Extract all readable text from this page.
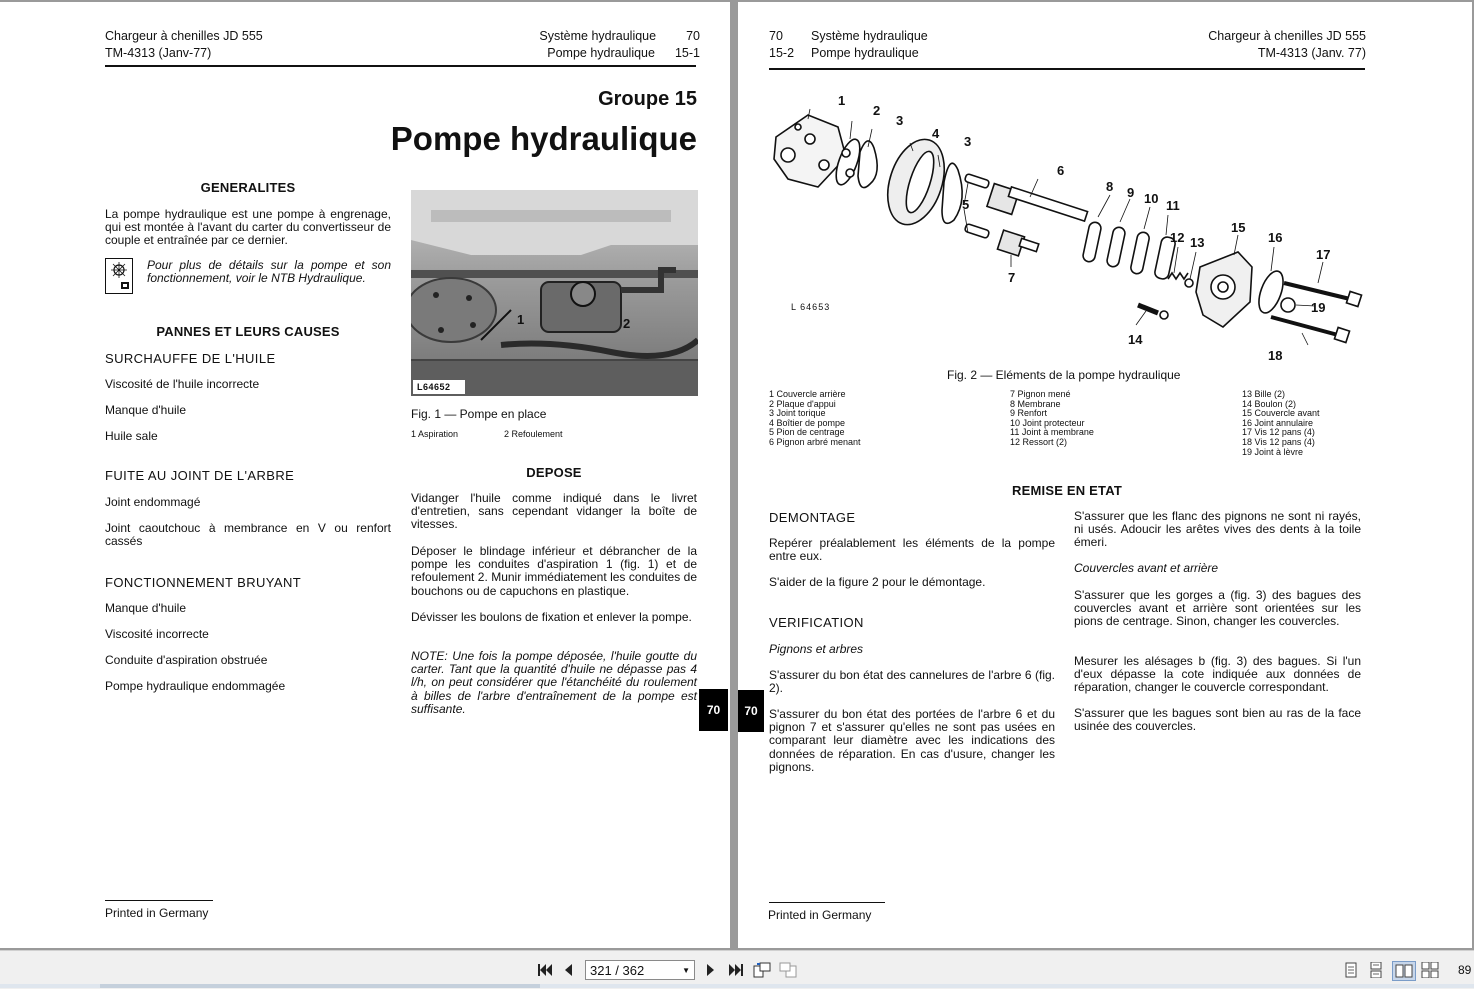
Chargeur à chenilles JD 555
TM-4313 (Janv-77)
Système hydraulique 70
Pompe hydraulique 15-1
Groupe 15
Pompe hydraulique
GENERALITES
La pompe hydraulique est une pompe à engrenage, qui est montée à l'avant du carter du convertisseur de couple et entraînée par ce dernier.
Pour plus de détails sur la pompe et son fonctionnement, voir le NTB Hydraulique.
PANNES ET LEURS CAUSES
SURCHAUFFE DE L'HUILE
Viscosité de l'huile incorrecte
Manque d'huile
Huile sale
FUITE AU JOINT DE L'ARBRE
Joint endommagé
Joint caoutchouc à membrance en V ou renfort cassés
FONCTIONNEMENT BRUYANT
Manque d'huile
Viscosité incorrecte
Conduite d'aspiration obstruée
Pompe hydraulique endommagée
1	2
L64652
Fig. 1 — Pompe en place
1 Aspiration	2 Refoulement
DEPOSE
Vidanger l'huile comme indiqué dans le livret d'entretien, sans cependant vidanger la boîte de vitesses.
Déposer le blindage inférieur et débrancher de la pompe les conduites d'aspiration 1 (fig. 1) et de refoulement 2. Munir immédiatement les conduites de bouchons ou de capuchons en plastique.
Dévisser les boulons de fixation et enlever la pompe.
NOTE: Une fois la pompe déposée, l'huile goutte du carter. Tant que la quantité d'huile ne dépasse pas 4 l/h, on peut considérer que l'étanchéité du roulement à billes de l'arbre d'entraînement de la pompe est suffisante.	70
Printed in Germany
70 Système hydraulique
15-2 Pompe hydraulique
Chargeur à chenilles JD 555
TM-4313 (Janv. 77)
1
2
3
4
3
5
6
7
8 9 10 11
12 13
14
15
16
17
18
19
L 64653
Fig. 2 — Eléments de la pompe hydraulique
1 Couvercle arrière
2 Plaque d'appui
3 Joint torique
4 Boîtier de pompe
5 Pion de centrage
6 Pignon arbré menant
7 Pignon mené
8 Membrane
9 Renfort
10 Joint protecteur
11 Joint à membrane
12 Ressort (2)
13 Bille (2)
14 Boulon (2)
15 Couvercle avant
16 Joint annulaire
17 Vis 12 pans (4)
18 Vis 12 pans (4)
19 Joint à lèvre
REMISE EN ETAT
DEMONTAGE
Repérer préalablement les éléments de la pompe entre eux.
S'aider de la figure 2 pour le démontage.
VERIFICATION
Pignons et arbres
S'assurer du bon état des cannelures de l'arbre 6 (fig. 2).
S'assurer du bon état des portées de l'arbre 6 et du pignon 7 et s'assurer qu'elles ne sont pas usées en comparant leur diamètre avec les indications des données de réparation. En cas d'usure, changer les pignons.
S'assurer que les flanc des pignons ne sont ni rayés, ni usés. Adoucir les arêtes vives des dents à la toile émeri.
Couvercles avant et arrière
S'assurer que les gorges a (fig. 3) des bagues des couvercles avant et arrière sont orientées sur les pions de centrage. Sinon, changer les couvercles.
Mesurer les alésages b (fig. 3) des bagues. Si l'un d'eux dépasse la cote indiquée aux données de réparation, changer le couvercle correspondant.
S'assurer que les bagues sont bien au ras de la face usinée des couvercles.
70
Printed in Germany
321 / 362	▼	89
